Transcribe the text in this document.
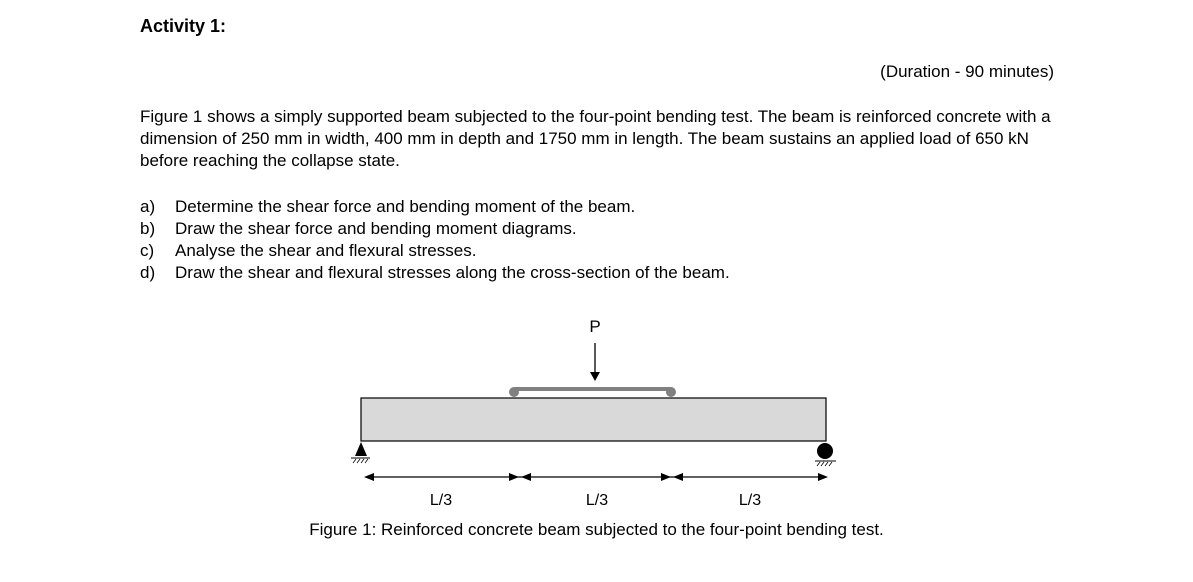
Activity 1:
(Duration - 90 minutes)

Figure 1 shows a simply supported beam subjected to the four-point bending test. The beam is reinforced concrete with a dimension of 250 mm in width, 400 mm in depth and 1750 mm in length. The beam sustains an applied load of 650 kN before reaching the collapse state.

a)	Determine the shear force and bending moment of the beam.
b)	Draw the shear force and bending moment diagrams.
c)	Analyse the shear and flexural stresses.
d)	Draw the shear and flexural stresses along the cross-section of the beam.
P
L/3	L/3	L/3
Figure 1: Reinforced concrete beam subjected to the four-point bending test.
